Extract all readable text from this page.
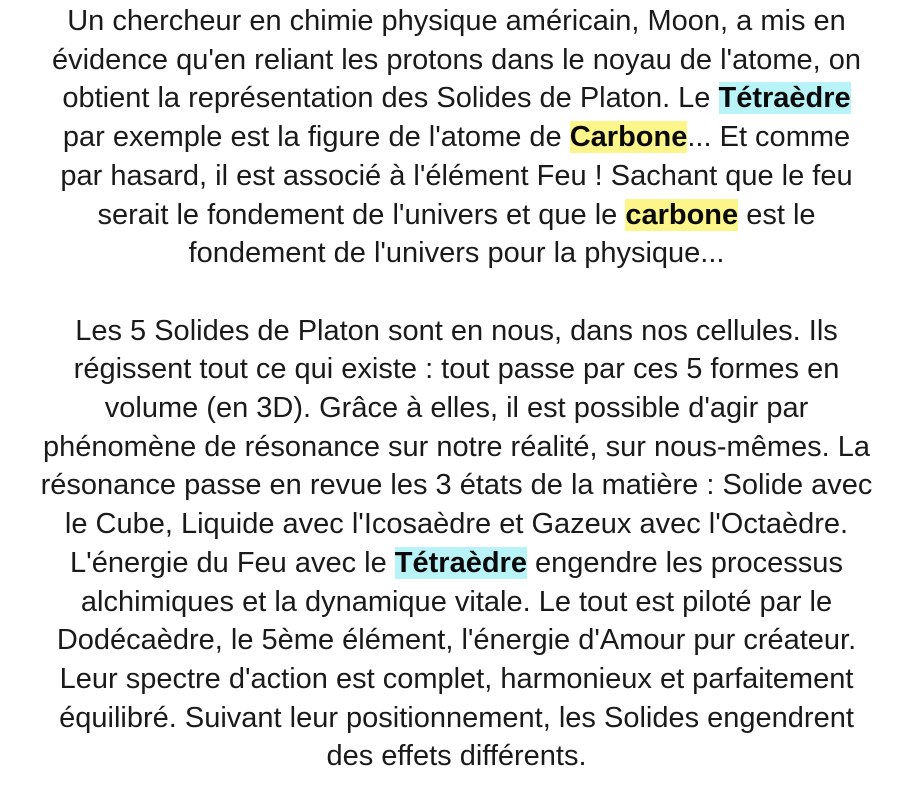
Un chercheur en chimie physique américain, Moon, a mis en
évidence qu'en reliant les protons dans le noyau de l'atome, on
obtient la représentation des Solides de Platon. Le Tétraèdre
par exemple est la figure de l'atome de Carbone... Et comme
par hasard, il est associé à l'élément Feu ! Sachant que le feu
serait le fondement de l'univers et que le carbone est le
fondement de l'univers pour la physique...
Les 5 Solides de Platon sont en nous, dans nos cellules. Ils
régissent tout ce qui existe : tout passe par ces 5 formes en
volume (en 3D). Grâce à elles, il est possible d'agir par
phénomène de résonance sur notre réalité, sur nous-mêmes. La
résonance passe en revue les 3 états de la matière : Solide avec
le Cube, Liquide avec l'Icosaèdre et Gazeux avec l'Octaèdre.
L'énergie du Feu avec le Tétraèdre engendre les processus
alchimiques et la dynamique vitale. Le tout est piloté par le
Dodécaèdre, le 5ème élément, l'énergie d'Amour pur créateur.
Leur spectre d'action est complet, harmonieux et parfaitement
équilibré. Suivant leur positionnement, les Solides engendrent
des effets différents.
